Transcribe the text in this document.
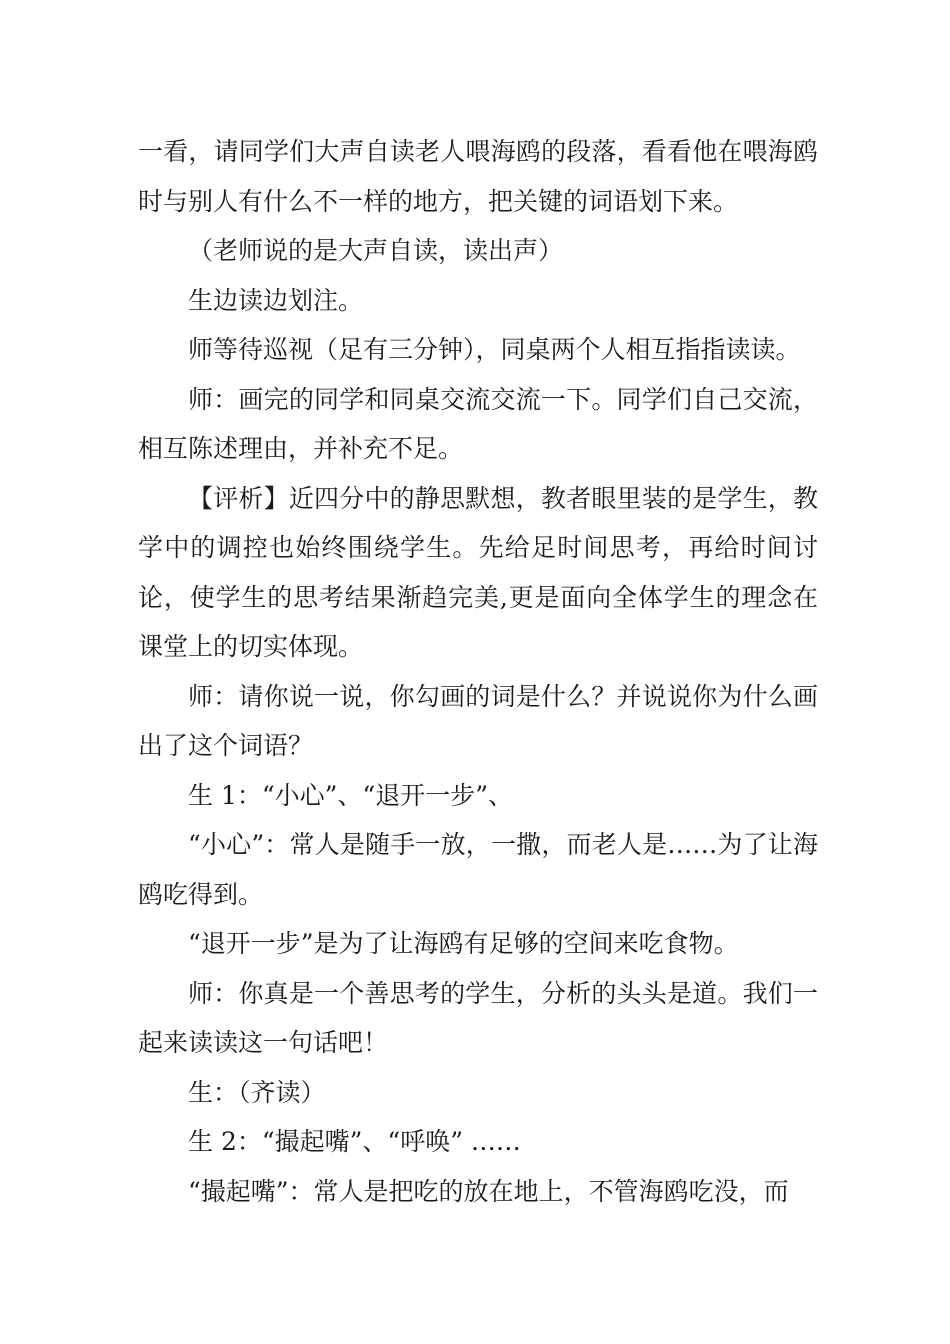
一看，请同学们大声自读老人喂海鸥的段落，看看他在喂海鸥时与别人有什么不一样的地方，把关键的词语划下来。

（老师说的是大声自读，读出声）

生边读边划注。

师等待巡视（足有三分钟），同桌两个人相互指指读读。

师：画完的同学和同桌交流交流一下。同学们自己交流，相互陈述理由，并补充不足。

【评析】近四分中的静思默想，教者眼里装的是学生，教学中的调控也始终围绕学生。先给足时间思考，再给时间讨论，使学生的思考结果渐趋完美,更是面向全体学生的理念在课堂上的切实体现。

师：请你说一说，你勾画的词是什么？并说说你为什么画出了这个词语？

生 1：“小心”、“退开一步”、

“小心”：常人是随手一放，一撒，而老人是……为了让海鸥吃得到。

“退开一步”是为了让海鸥有足够的空间来吃食物。

师：你真是一个善思考的学生，分析的头头是道。我们一起来读读这一句话吧！

生：（齐读）

生 2：“撮起嘴”、“呼唤” ……

“撮起嘴”：常人是把吃的放在地上，不管海鸥吃没，而
